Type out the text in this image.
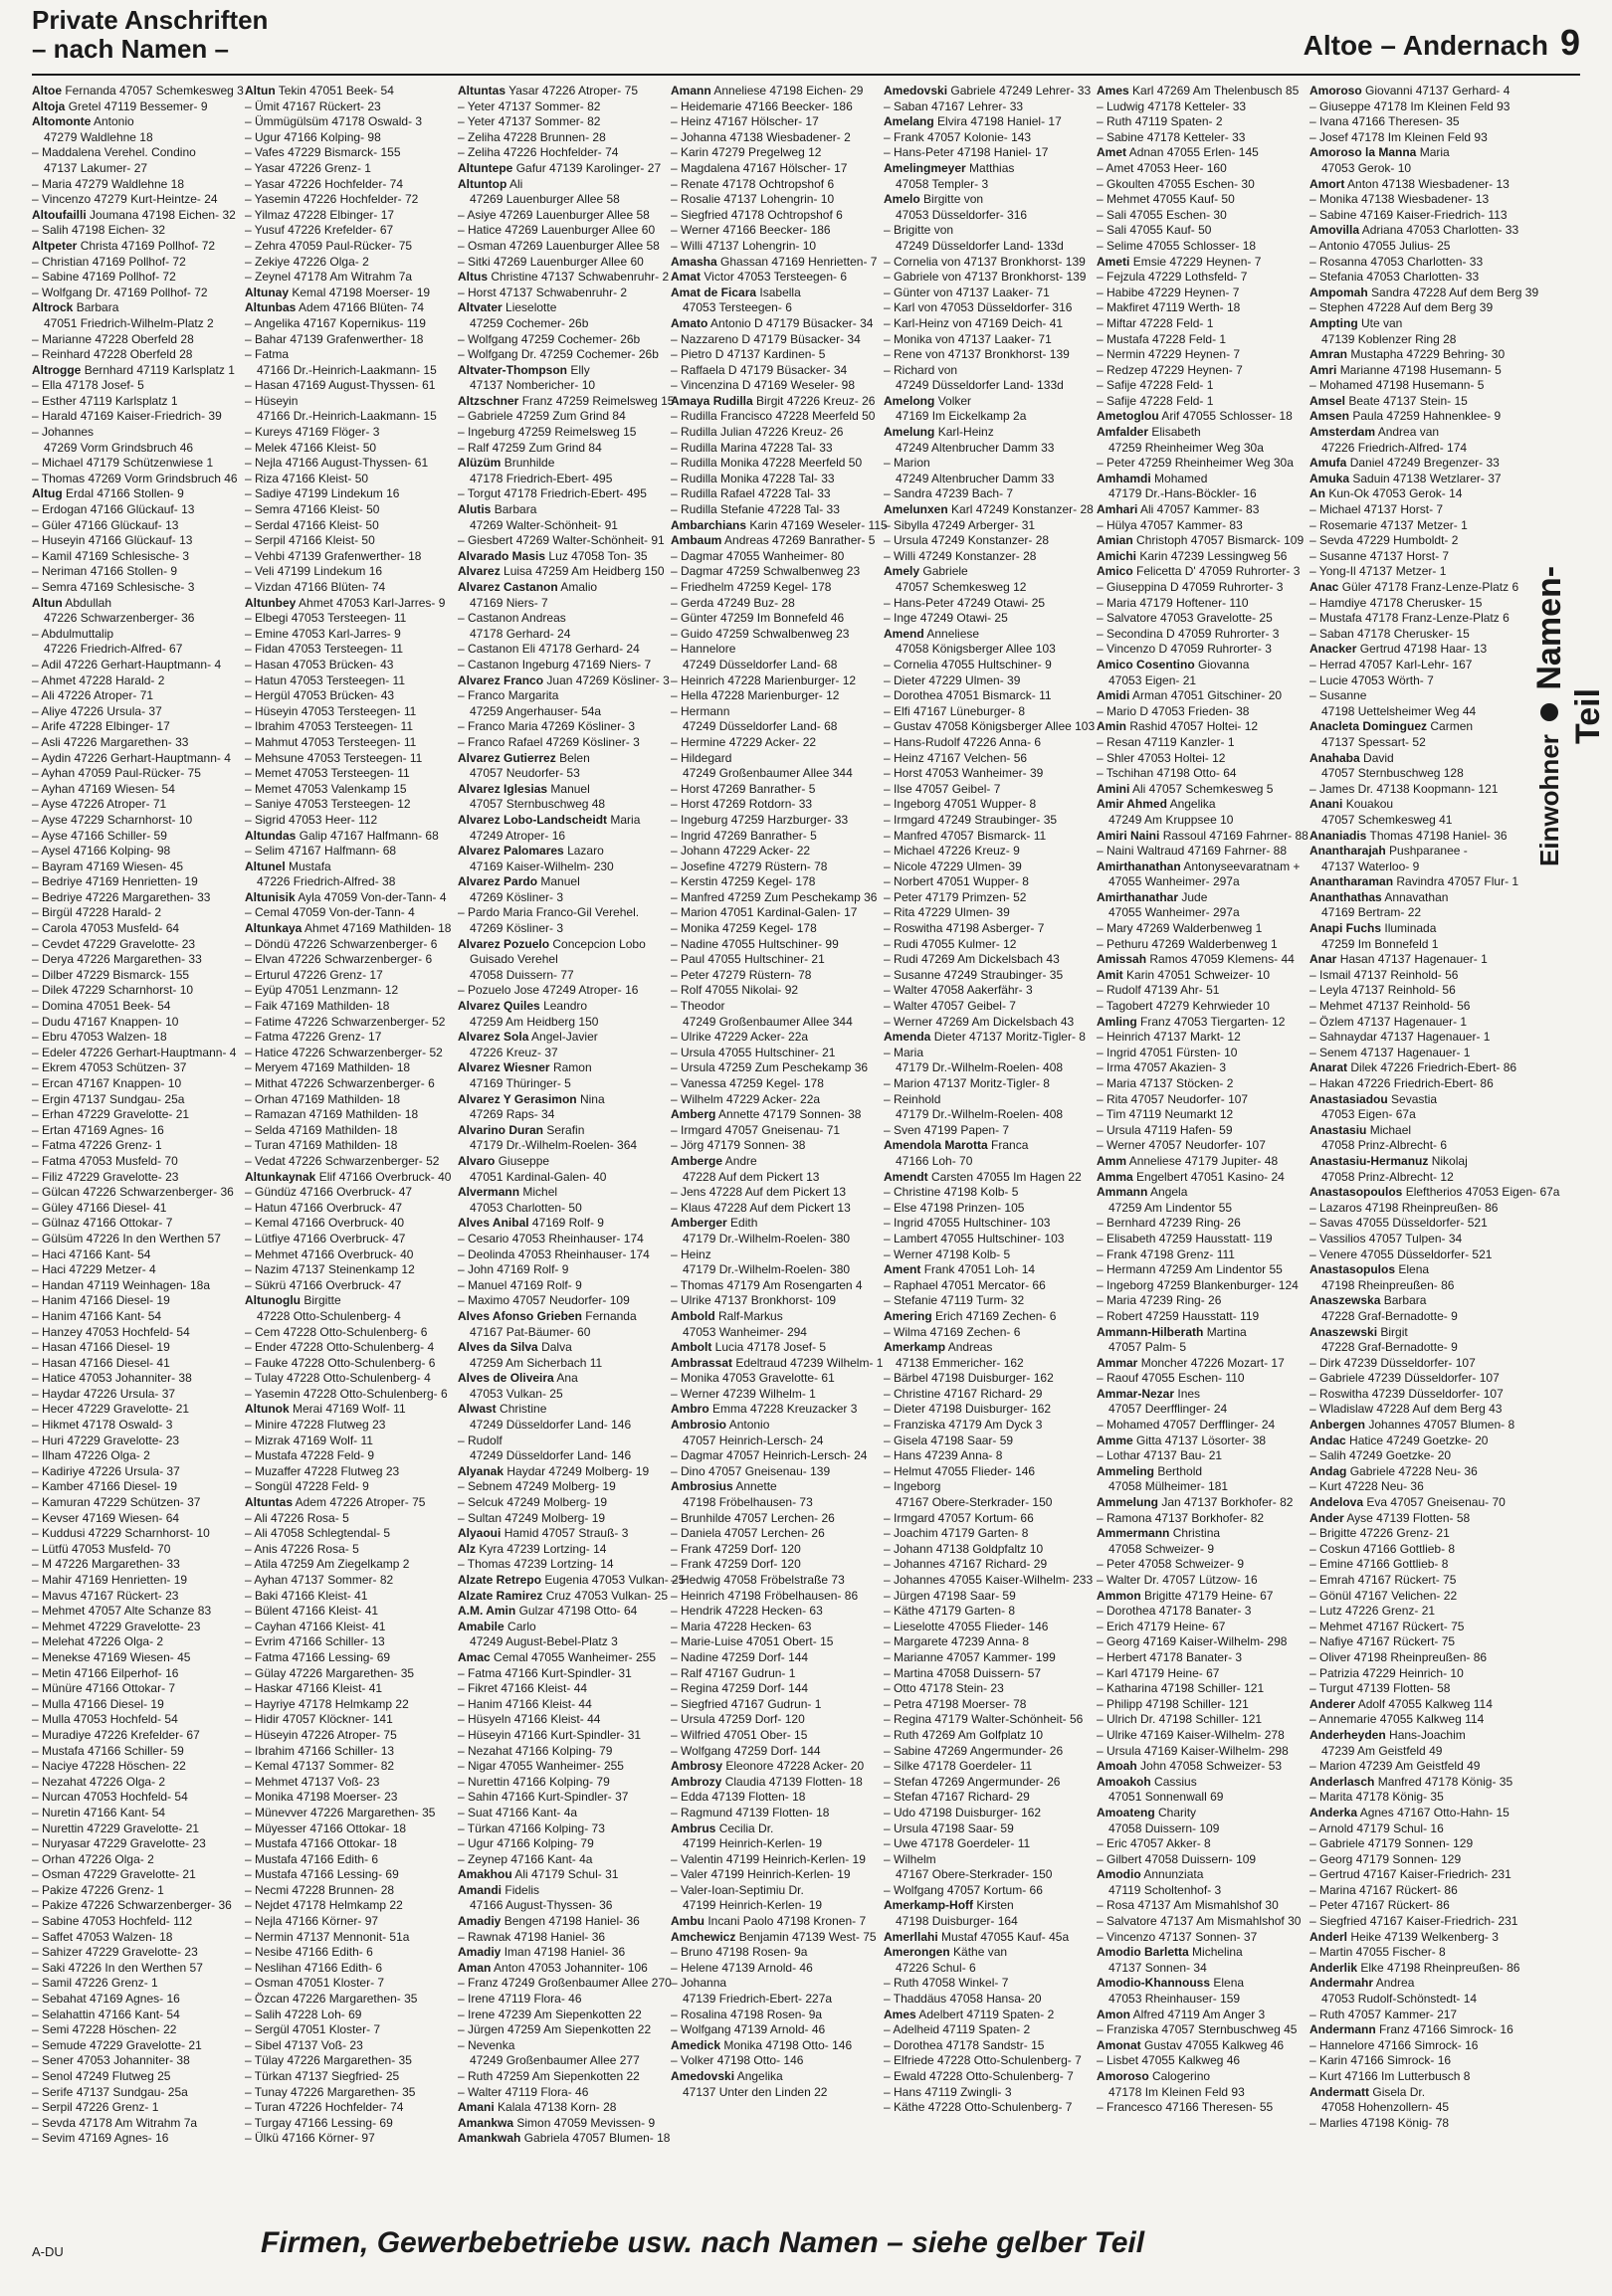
Private Anschriften
– nach Namen –	Altoe – Andernach 9
Altoe Fernanda 47057 Schemkesweg 3
Altoja Gretel 47119 Bessemer- 9
Altomonte Antonio
47279 Waldlehne 18
– Maddalena Verehel. Condino
47137 Lakumer- 27
– Maria 47279 Waldlehne 18
– Vincenzo 47279 Kurt-Heintze- 24
Altoufailli Joumana 47198 Eichen- 32
– Salih 47198 Eichen- 32
Altpeter Christa 47169 Pollhof- 72
– Christian 47169 Pollhof- 72
– Sabine 47169 Pollhof- 72
– Wolfgang Dr. 47169 Pollhof- 72
Altrock Barbara
47051 Friedrich-Wilhelm-Platz 2
– Marianne 47228 Oberfeld 28
– Reinhard 47228 Oberfeld 28
Altrogge Bernhard 47119 Karlsplatz 1
– Ella 47178 Josef- 5
– Esther 47119 Karlsplatz 1
– Harald 47169 Kaiser-Friedrich- 39
– Johannes
47269 Vorm Grindsbruch 46
– Michael 47179 Schützenwiese 1
– Thomas 47269 Vorm Grindsbruch 46
Altug Erdal 47166 Stollen- 9
– Erdogan 47166 Glückauf- 13
– Güler 47166 Glückauf- 13
– Huseyin 47166 Glückauf- 13
– Kamil 47169 Schlesische- 3
– Neriman 47166 Stollen- 9
– Semra 47169 Schlesische- 3
Altun Abdullah
47226 Schwarzenberger- 36
– Abdulmuttalip
47226 Friedrich-Alfred- 67
– Adil 47226 Gerhart-Hauptmann- 4
– Ahmet 47228 Harald- 2
– Ali 47226 Atroper- 71
– Aliye 47226 Ursula- 37
– Arife 47228 Elbinger- 17
– Asli 47226 Margarethen- 33
– Aydin 47226 Gerhart-Hauptmann- 4
– Ayhan 47059 Paul-Rücker- 75
– Ayhan 47169 Wiesen- 54
– Ayse 47226 Atroper- 71
– Ayse 47229 Scharnhorst- 10
– Ayse 47166 Schiller- 59
– Aysel 47166 Kolping- 98
– Bayram 47169 Wiesen- 45
– Bedriye 47169 Henrietten- 19
– Bedriye 47226 Margarethen- 33
– Birgül 47228 Harald- 2
– Carola 47053 Musfeld- 64
– Cevdet 47229 Gravelotte- 23
– Derya 47226 Margarethen- 33
– Dilber 47229 Bismarck- 155
– Dilek 47229 Scharnhorst- 10
– Domina 47051 Beek- 54
– Dudu 47167 Knappen- 10
– Ebru 47053 Walzen- 18
– Edeler 47226 Gerhart-Hauptmann- 4
– Ekrem 47053 Schützen- 37
– Ercan 47167 Knappen- 10
– Ergin 47137 Sundgau- 25a
– Erhan 47229 Gravelotte- 21
– Ertan 47169 Agnes- 16
– Fatma 47226 Grenz- 1
– Fatma 47053 Musfeld- 70
– Filiz 47229 Gravelotte- 23
– Gülcan 47226 Schwarzenberger- 36
– Güley 47166 Diesel- 41
– Gülnaz 47166 Ottokar- 7
– Gülsüm 47226 In den Werthen 57
– Haci 47166 Kant- 54
– Haci 47229 Metzer- 4
– Handan 47119 Weinhagen- 18a
– Hanim 47166 Diesel- 19
– Hanim 47166 Kant- 54
– Hanzey 47053 Hochfeld- 54
– Hasan 47166 Diesel- 19
– Hasan 47166 Diesel- 41
– Hatice 47053 Johanniter- 38
– Haydar 47226 Ursula- 37
– Hecer 47229 Gravelotte- 21
– Hikmet 47178 Oswald- 3
– Huri 47229 Gravelotte- 23
– Ilham 47226 Olga- 2
– Kadiriye 47226 Ursula- 37
– Kamber 47166 Diesel- 19
– Kamuran 47229 Schützen- 37
– Kevser 47169 Wiesen- 64
– Kuddusi 47229 Scharnhorst- 10
– Lütfü 47053 Musfeld- 70
– M 47226 Margarethen- 33
– Mahir 47169 Henrietten- 19
– Mavus 47167 Rückert- 23
– Mehmet 47057 Alte Schanze 83
– Mehmet 47229 Gravelotte- 23
– Melehat 47226 Olga- 2
– Menekse 47169 Wiesen- 45
– Metin 47166 Eilperhof- 16
– Münüre 47166 Ottokar- 7
– Mulla 47166 Diesel- 19
– Mulla 47053 Hochfeld- 54
– Muradiye 47226 Krefelder- 67
– Mustafa 47166 Schiller- 59
– Naciye 47228 Höschen- 22
– Nezahat 47226 Olga- 2
– Nurcan 47053 Hochfeld- 54
– Nuretin 47166 Kant- 54
– Nurettin 47229 Gravelotte- 21
– Nuryasar 47229 Gravelotte- 23
– Orhan 47226 Olga- 2
– Osman 47229 Gravelotte- 21
– Pakize 47226 Grenz- 1
– Pakize 47226 Schwarzenberger- 36
– Sabine 47053 Hochfeld- 112
– Saffet 47053 Walzen- 18
– Sahizer 47229 Gravelotte- 23
– Saki 47226 In den Werthen 57
– Samil 47226 Grenz- 1
– Sebahat 47169 Agnes- 16
– Selahattin 47166 Kant- 54
– Semi 47228 Höschen- 22
– Semude 47229 Gravelotte- 21
– Sener 47053 Johanniter- 38
– Senol 47249 Flutweg 25
– Serife 47137 Sundgau- 25a
– Serpil 47226 Grenz- 1
– Sevda 47178 Am Witrahm 7a
– Sevim 47169 Agnes- 16
Altun Tekin 47051 Beek- 54
– Ümit 47167 Rückert- 23
– Ümmügülsüm 47178 Oswald- 3
– Ugur 47166 Kolping- 98
– Vafes 47229 Bismarck- 155
– Yasar 47226 Grenz- 1
– Yasar 47226 Hochfelder- 74
– Yasemin 47226 Hochfelder- 72
– Yilmaz 47228 Elbinger- 17
– Yusuf 47226 Krefelder- 67
– Zehra 47059 Paul-Rücker- 75
– Zekiye 47226 Olga- 2
– Zeynel 47178 Am Witrahm 7a
Altunay Kemal 47198 Moerser- 19
Altunbas Adem 47166 Blüten- 74
– Angelika 47167 Kopernikus- 119
– Bahar 47139 Grafenwerther- 18
– Fatma
47166 Dr.-Heinrich-Laakmann- 15
– Hasan 47169 August-Thyssen- 61
– Hüseyin
47166 Dr.-Heinrich-Laakmann- 15
– Kureys 47169 Flöger- 3
– Melek 47166 Kleist- 50
– Nejla 47166 August-Thyssen- 61
– Riza 47166 Kleist- 50
– Sadiye 47199 Lindekum 16
– Semra 47166 Kleist- 50
– Serdal 47166 Kleist- 50
– Serpil 47166 Kleist- 50
– Vehbi 47139 Grafenwerther- 18
– Veli 47199 Lindekum 16
– Vizdan 47166 Blüten- 74
Altunbey Ahmet 47053 Karl-Jarres- 9
– Elbegi 47053 Tersteegen- 11
– Emine 47053 Karl-Jarres- 9
– Fidan 47053 Tersteegen- 11
– Hasan 47053 Brücken- 43
– Hatun 47053 Tersteegen- 11
– Hergül 47053 Brücken- 43
– Hüseyin 47053 Tersteegen- 11
– Ibrahim 47053 Tersteegen- 11
– Mahmut 47053 Tersteegen- 11
– Mehsune 47053 Tersteegen- 11
– Memet 47053 Tersteegen- 11
– Memet 47053 Valenkamp 15
– Saniye 47053 Tersteegen- 12
– Sigrid 47053 Heer- 112
Altundas Galip 47167 Halfmann- 68
– Selim 47167 Halfmann- 68
Altunel Mustafa
47226 Friedrich-Alfred- 38
Altunisik Ayla 47059 Von-der-Tann- 4
– Cemal 47059 Von-der-Tann- 4
Altunkaya Ahmet 47169 Mathilden- 18
– Döndü 47226 Schwarzenberger- 6
– Elvan 47226 Schwarzenberger- 6
– Erturul 47226 Grenz- 17
– Eyüp 47051 Lenzmann- 12
– Faik 47169 Mathilden- 18
– Fatime 47226 Schwarzenberger- 52
– Fatma 47226 Grenz- 17
– Hatice 47226 Schwarzenberger- 52
– Meryem 47169 Mathilden- 18
– Mithat 47226 Schwarzenberger- 6
– Orhan 47169 Mathilden- 18
– Ramazan 47169 Mathilden- 18
– Selda 47169 Mathilden- 18
– Turan 47169 Mathilden- 18
– Vedat 47226 Schwarzenberger- 52
Altunkaynak Elif 47166 Overbruck- 40
– Gündüz 47166 Overbruck- 47
– Hatun 47166 Overbruck- 47
– Kemal 47166 Overbruck- 40
– Lütfiye 47166 Overbruck- 47
– Mehmet 47166 Overbruck- 40
– Nazim 47137 Steinenkamp 12
– Sükrü 47166 Overbruck- 47
Altunoglu Birgitte
47228 Otto-Schulenberg- 4
– Cem 47228 Otto-Schulenberg- 6
– Ender 47228 Otto-Schulenberg- 4
– Fauke 47228 Otto-Schulenberg- 6
– Tulay 47228 Otto-Schulenberg- 4
– Yasemin 47228 Otto-Schulenberg- 6
Altunok Merai 47169 Wolf- 11
– Minire 47228 Flutweg 23
– Mizrak 47169 Wolf- 11
– Mustafa 47228 Feld- 9
– Muzaffer 47228 Flutweg 23
– Songül 47228 Feld- 9
Altuntas Adem 47226 Atroper- 75
– Ali 47226 Rosa- 5
– Ali 47058 Schlegtendal- 5
– Anis 47226 Rosa- 5
– Atila 47259 Am Ziegelkamp 2
– Ayhan 47137 Sommer- 82
– Baki 47166 Kleist- 41
– Bülent 47166 Kleist- 41
– Cayhan 47166 Kleist- 41
– Evrim 47166 Schiller- 13
– Fatma 47166 Lessing- 69
– Gülay 47226 Margarethen- 35
– Haskar 47166 Kleist- 41
– Hayriye 47178 Helmkamp 22
– Hidir 47057 Klöckner- 141
– Hüseyin 47226 Atroper- 75
– Ibrahim 47166 Schiller- 13
– Kemal 47137 Sommer- 82
– Mehmet 47137 Voß- 23
– Monika 47198 Moerser- 23
– Münevver 47226 Margarethen- 35
– Müyesser 47166 Ottokar- 18
– Mustafa 47166 Ottokar- 18
– Mustafa 47166 Edith- 6
– Mustafa 47166 Lessing- 69
– Necmi 47228 Brunnen- 28
– Nejdet 47178 Helmkamp 22
– Nejla 47166 Körner- 97
– Nermin 47137 Mennonit- 51a
– Nesibe 47166 Edith- 6
– Neslihan 47166 Edith- 6
– Osman 47051 Kloster- 7
– Özcan 47226 Margarethen- 35
– Salih 47228 Loh- 69
– Sergül 47051 Kloster- 7
– Sibel 47137 Voß- 23
– Tülay 47226 Margarethen- 35
– Türkan 47137 Siegfried- 25
– Tunay 47226 Margarethen- 35
– Turan 47226 Hochfelder- 74
– Turgay 47166 Lessing- 69
– Ülkü 47166 Körner- 97
Altuntas Yasar 47226 Atroper- 75
– Yeter 47137 Sommer- 82
– Yeter 47137 Sommer- 82
– Zeliha 47228 Brunnen- 28
– Zeliha 47226 Hochfelder- 74
Altuntepe Gafur 47139 Karolinger- 27
Altuntop Ali
47269 Lauenburger Allee 58
– Asiye 47269 Lauenburger Allee 58
– Hatice 47269 Lauenburger Allee 60
– Osman 47269 Lauenburger Allee 58
– Sitki 47269 Lauenburger Allee 60
Altus Christine 47137 Schwabenruhr- 2
– Horst 47137 Schwabenruhr- 2
Altvater Lieselotte
47259 Cochemer- 26b
– Wolfgang 47259 Cochemer- 26b
– Wolfgang Dr. 47259 Cochemer- 26b
Altvater-Thompson Elly
47137 Nombericher- 10
Altzschner Franz 47259 Reimelsweg 15
– Gabriele 47259 Zum Grind 84
– Ingeburg 47259 Reimelsweg 15
– Ralf 47259 Zum Grind 84
Alüzüm Brunhilde
47178 Friedrich-Ebert- 495
– Torgut 47178 Friedrich-Ebert- 495
Alutis Barbara
47269 Walter-Schönheit- 91
– Giesbert 47269 Walter-Schönheit- 91
Alvarado Masis Luz 47058 Ton- 35
Alvarez Luisa 47259 Am Heidberg 150
Alvarez Castanon Amalio
47169 Niers- 7
– Castanon Andreas
47178 Gerhard- 24
– Castanon Eli 47178 Gerhard- 24
– Castanon Ingeburg 47169 Niers- 7
Alvarez Franco Juan 47269 Kösliner- 3
– Franco Margarita
47259 Angerhauser- 54a
– Franco Maria 47269 Kösliner- 3
– Franco Rafael 47269 Kösliner- 3
Alvarez Gutierrez Belen
47057 Neudorfer- 53
Alvarez Iglesias Manuel
47057 Sternbuschweg 48
Alvarez Lobo-Landscheidt Maria
47249 Atroper- 16
Alvarez Palomares Lazaro
47169 Kaiser-Wilhelm- 230
Alvarez Pardo Manuel
47269 Kösliner- 3
– Pardo Maria Franco-Gil Verehel.
47269 Kösliner- 3
Alvarez Pozuelo Concepcion Lobo
Guisado Verehel
47058 Duissern- 77
– Pozuelo Jose 47249 Atroper- 16
Alvarez Quiles Leandro
47259 Am Heidberg 150
Alvarez Sola Angel-Javier
47226 Kreuz- 37
Alvarez Wiesner Ramon
47169 Thüringer- 5
Alvarez Y Gerasimon Nina
47269 Raps- 34
Alvarino Duran Serafin
47179 Dr.-Wilhelm-Roelen- 364
Alvaro Giuseppe
47051 Kardinal-Galen- 40
Alvermann Michel
47053 Charlotten- 50
Alves Anibal 47169 Rolf- 9
– Cesario 47053 Rheinhauser- 174
– Deolinda 47053 Rheinhauser- 174
– John 47169 Rolf- 9
– Manuel 47169 Rolf- 9
– Maximo 47057 Neudorfer- 109
Alves Afonso Grieben Fernanda
47167 Pat-Bäumer- 60
Alves da Silva Dalva
47259 Am Sicherbach 11
Alves de Oliveira Ana
47053 Vulkan- 25
Alwast Christine
47249 Düsseldorfer Land- 146
– Rudolf
47249 Düsseldorfer Land- 146
Alyanak Haydar 47249 Molberg- 19
– Sebnem 47249 Molberg- 19
– Selcuk 47249 Molberg- 19
– Sultan 47249 Molberg- 19
Alyaoui Hamid 47057 Strauß- 3
Alz Kyra 47239 Lortzing- 14
– Thomas 47239 Lortzing- 14
Alzate Retrepo Eugenia 47053 Vulkan- 25
Alzate Ramirez Cruz 47053 Vulkan- 25
A.M. Amin Gulzar 47198 Otto- 64
Amabile Carlo
47249 August-Bebel-Platz 3
Amac Cemal 47055 Wanheimer- 255
– Fatma 47166 Kurt-Spindler- 31
– Fikret 47166 Kleist- 44
– Hanim 47166 Kleist- 44
– Hüsyeln 47166 Kleist- 44
– Hüseyin 47166 Kurt-Spindler- 31
– Nezahat 47166 Kolping- 79
– Nigar 47055 Wanheimer- 255
– Nurettin 47166 Kolping- 79
– Sahin 47166 Kurt-Spindler- 37
– Suat 47166 Kant- 4a
– Türkan 47166 Kolping- 73
– Ugur 47166 Kolping- 79
– Zeynep 47166 Kant- 4a
Amakhou Ali 47179 Schul- 31
Amandi Fidelis
47166 August-Thyssen- 36
Amadiy Bengen 47198 Haniel- 36
– Rawnak 47198 Haniel- 36
Amadiy Iman 47198 Haniel- 36
Aman Anton 47053 Johanniter- 106
– Franz 47249 Großenbaumer Allee 270
– Irene 47119 Flora- 46
– Irene 47239 Am Siepenkotten 22
– Jürgen 47259 Am Siepenkotten 22
– Nevenka
47249 Großenbaumer Allee 277
– Ruth 47259 Am Siepenkotten 22
– Walter 47119 Flora- 46
Amani Kalala 47138 Korn- 28
Amankwa Simon 47059 Mevissen- 9
Amankwah Gabriela 47057 Blumen- 18
Amann Anneliese 47198 Eichen- 29
– Heidemarie 47166 Beecker- 186
– Heinz 47167 Hölscher- 17
– Johanna 47138 Wiesbadener- 2
– Karin 47279 Pregelweg 12
– Magdalena 47167 Hölscher- 17
– Renate 47178 Ochtropshof 6
– Rosalie 47137 Lohengrin- 10
– Siegfried 47178 Ochtropshof 6
– Werner 47166 Beecker- 186
– Willi 47137 Lohengrin- 10
Amasha Ghassan 47169 Henrietten- 7
Amat Victor 47053 Tersteegen- 6
Amat de Ficara Isabella
47053 Tersteegen- 6
Amato Antonio D 47179 Büsacker- 34
– Nazzareno D 47179 Büsacker- 34
– Pietro D 47137 Kardinen- 5
– Raffaela D 47179 Büsacker- 34
– Vincenzina D 47169 Weseler- 98
Amaya Rudilla Birgit 47226 Kreuz- 26
– Rudilla Francisco 47228 Meerfeld 50
– Rudilla Julian 47226 Kreuz- 26
– Rudilla Marina 47228 Tal- 33
– Rudilla Monika 47228 Meerfeld 50
– Rudilla Monika 47228 Tal- 33
– Rudilla Rafael 47228 Tal- 33
– Rudilla Stefanie 47228 Tal- 33
Ambarchians Karin 47169 Weseler- 115
Ambaum Andreas 47269 Banrather- 5
– Dagmar 47055 Wanheimer- 80
– Dagmar 47259 Schwalbenweg 23
– Friedhelm 47259 Kegel- 178
– Gerda 47249 Buz- 28
– Günter 47259 Im Bonnefeld 46
– Guido 47259 Schwalbenweg 23
– Hannelore
47249 Düsseldorfer Land- 68
– Heinrich 47228 Marienburger- 12
– Hella 47228 Marienburger- 12
– Hermann
47249 Düsseldorfer Land- 68
– Hermine 47229 Acker- 22
– Hildegard
47249 Großenbaumer Allee 344
– Horst 47269 Banrather- 5
– Horst 47269 Rotdorn- 33
– Ingeburg 47259 Harzburger- 33
– Ingrid 47269 Banrather- 5
– Johann 47229 Acker- 22
– Josefine 47279 Rüstern- 78
– Kerstin 47259 Kegel- 178
– Manfred 47259 Zum Peschekamp 36
– Marion 47051 Kardinal-Galen- 17
– Monika 47259 Kegel- 178
– Nadine 47055 Hultschiner- 99
– Paul 47055 Hultschiner- 21
– Peter 47279 Rüstern- 78
– Rolf 47055 Nikolai- 92
– Theodor
47249 Großenbaumer Allee 344
– Ulrike 47229 Acker- 22a
– Ursula 47055 Hultschiner- 21
– Ursula 47259 Zum Peschekamp 36
– Vanessa 47259 Kegel- 178
– Wilhelm 47229 Acker- 22a
Amberg Annette 47179 Sonnen- 38
– Irmgard 47057 Gneisenau- 71
– Jörg 47179 Sonnen- 38
Amberge Andre
47228 Auf dem Pickert 13
– Jens 47228 Auf dem Pickert 13
– Klaus 47228 Auf dem Pickert 13
Amberger Edith
47179 Dr.-Wilhelm-Roelen- 380
– Heinz
47179 Dr.-Wilhelm-Roelen- 380
– Thomas 47179 Am Rosengarten 4
– Ulrike 47137 Bronkhorst- 109
Ambold Ralf-Markus
47053 Wanheimer- 294
Ambolt Lucia 47178 Josef- 5
Ambrassat Edeltraud 47239 Wilhelm- 1
– Monika 47053 Gravelotte- 61
– Werner 47239 Wilhelm- 1
Ambro Emma 47228 Kreuzacker 3
Ambrosio Antonio
47057 Heinrich-Lersch- 24
– Dagmar 47057 Heinrich-Lersch- 24
– Dino 47057 Gneisenau- 139
Ambrosius Annette
47198 Fröbelhausen- 73
– Brunhilde 47057 Lerchen- 26
– Daniela 47057 Lerchen- 26
– Frank 47259 Dorf- 120
– Frank 47259 Dorf- 120
– Hedwig 47058 Fröbelstraße 73
– Heinrich 47198 Fröbelhausen- 86
– Hendrik 47228 Hecken- 63
– Maria 47228 Hecken- 63
– Marie-Luise 47051 Obert- 15
– Nadine 47259 Dorf- 144
– Ralf 47167 Gudrun- 1
– Regina 47259 Dorf- 144
– Siegfried 47167 Gudrun- 1
– Ursula 47259 Dorf- 120
– Wilfried 47051 Ober- 15
– Wolfgang 47259 Dorf- 144
Ambrosy Eleonore 47228 Acker- 20
Ambrozy Claudia 47139 Flotten- 18
– Edda 47139 Flotten- 18
– Ragmund 47139 Flotten- 18
Ambrus Cecilia Dr.
47199 Heinrich-Kerlen- 19
– Valentin 47199 Heinrich-Kerlen- 19
– Valer 47199 Heinrich-Kerlen- 19
– Valer-Ioan-Septimiu Dr.
47199 Heinrich-Kerlen- 19
Ambu Incani Paolo 47198 Kronen- 7
Amchewicz Benjamin 47139 West- 75
– Bruno 47198 Rosen- 9a
– Helene 47139 Arnold- 46
– Johanna
47139 Friedrich-Ebert- 227a
– Rosalina 47198 Rosen- 9a
– Wolfgang 47139 Arnold- 46
Amedick Monika 47198 Otto- 146
– Volker 47198 Otto- 146
Amedovski Angelika
47137 Unter den Linden 22
Amedovski Gabriele 47249 Lehrer- 33
– Saban 47167 Lehrer- 33
Amelang Elvira 47198 Haniel- 17
– Frank 47057 Kolonie- 143
– Hans-Peter 47198 Haniel- 17
Amelingmeyer Matthias
47058 Templer- 3
Amelo Birgitte von
47053 Düsseldorfer- 316
– Brigitte von
47249 Düsseldorfer Land- 133d
– Cornelia von 47137 Bronkhorst- 139
– Gabriele von 47137 Bronkhorst- 139
– Günter von 47137 Laaker- 71
– Karl von 47053 Düsseldorfer- 316
– Karl-Heinz von 47169 Deich- 41
– Monika von 47137 Laaker- 71
– Rene von 47137 Bronkhorst- 139
– Richard von
47249 Düsseldorfer Land- 133d
Amelong Volker
47169 Im Eickelkamp 2a
Amelung Karl-Heinz
47249 Altenbrucher Damm 33
– Marion
47249 Altenbrucher Damm 33
– Sandra 47239 Bach- 7
Amelunxen Karl 47249 Konstanzer- 28
– Sibylla 47249 Arberger- 31
– Ursula 47249 Konstanzer- 28
– Willi 47249 Konstanzer- 28
Amely Gabriele
47057 Schemkesweg 12
– Hans-Peter 47249 Otawi- 25
– Inge 47249 Otawi- 25
Amend Anneliese
47058 Königsberger Allee 103
– Cornelia 47055 Hultschiner- 9
– Dieter 47229 Ulmen- 39
– Dorothea 47051 Bismarck- 11
– Elfi 47167 Lüneburger- 8
– Gustav 47058 Königsberger Allee 103
– Hans-Rudolf 47226 Anna- 6
– Heinz 47167 Velchen- 56
– Horst 47053 Wanheimer- 39
– Ilse 47057 Geibel- 7
– Ingeborg 47051 Wupper- 8
– Irmgard 47249 Straubinger- 35
– Manfred 47057 Bismarck- 11
– Michael 47226 Kreuz- 9
– Nicole 47229 Ulmen- 39
– Norbert 47051 Wupper- 8
– Peter 47179 Primzen- 52
– Rita 47229 Ulmen- 39
– Roswitha 47198 Asberger- 7
– Rudi 47055 Kulmer- 12
– Rudi 47269 Am Dickelsbach 43
– Susanne 47249 Straubinger- 35
– Walter 47058 Aakerfähr- 3
– Walter 47057 Geibel- 7
– Werner 47269 Am Dickelsbach 43
Amenda Dieter 47137 Moritz-Tigler- 8
– Maria
47179 Dr.-Wilhelm-Roelen- 408
– Marion 47137 Moritz-Tigler- 8
– Reinhold
47179 Dr.-Wilhelm-Roelen- 408
– Sven 47199 Papen- 7
Amendola Marotta Franca
47166 Loh- 70
Amendt Carsten 47055 Im Hagen 22
– Christine 47198 Kolb- 5
– Else 47198 Prinzen- 105
– Ingrid 47055 Hultschiner- 103
– Lambert 47055 Hultschiner- 103
– Werner 47198 Kolb- 5
Ament Frank 47051 Loh- 14
– Raphael 47051 Mercator- 66
– Stefanie 47119 Turm- 32
Amering Erich 47169 Zechen- 6
– Wilma 47169 Zechen- 6
Amerkamp Andreas
47138 Emmericher- 162
– Bärbel 47198 Duisburger- 162
– Christine 47167 Richard- 29
– Dieter 47198 Duisburger- 162
– Franziska 47179 Am Dyck 3
– Gisela 47198 Saar- 59
– Hans 47239 Anna- 8
– Helmut 47055 Flieder- 146
– Ingeborg
47167 Obere-Sterkrader- 150
– Irmgard 47057 Kortum- 66
– Joachim 47179 Garten- 8
– Johann 47138 Goldpfaltz 10
– Johannes 47167 Richard- 29
– Johannes 47055 Kaiser-Wilhelm- 233
– Jürgen 47198 Saar- 59
– Käthe 47179 Garten- 8
– Lieselotte 47055 Flieder- 146
– Margarete 47239 Anna- 8
– Marianne 47057 Kammer- 199
– Martina 47058 Duissern- 57
– Otto 47178 Stein- 23
– Petra 47198 Moerser- 78
– Regina 47179 Walter-Schönheit- 56
– Ruth 47269 Am Golfplatz 10
– Sabine 47269 Angermunder- 26
– Silke 47178 Goerdeler- 11
– Stefan 47269 Angermunder- 26
– Stefan 47167 Richard- 29
– Udo 47198 Duisburger- 162
– Ursula 47198 Saar- 59
– Uwe 47178 Goerdeler- 11
– Wilhelm
47167 Obere-Sterkrader- 150
– Wolfgang 47057 Kortum- 66
Amerkamp-Hoff Kirsten
47198 Duisburger- 164
Amerllahi Mustaf 47055 Kauf- 45a
Amerongen Käthe van
47226 Schul- 6
– Ruth 47058 Winkel- 7
– Thaddäus 47058 Hansa- 20
Ames Adelbert 47119 Spaten- 2
– Adelheid 47119 Spaten- 2
– Dorothea 47178 Sandstr- 15
– Elfriede 47228 Otto-Schulenberg- 7
– Ewald 47228 Otto-Schulenberg- 7
– Hans 47119 Zwingli- 3
– Käthe 47228 Otto-Schulenberg- 7
Ames Karl 47269 Am Thelenbusch 85
– Ludwig 47178 Ketteler- 33
– Ruth 47119 Spaten- 2
– Sabine 47178 Ketteler- 33
Amet Adnan 47055 Erlen- 145
– Amet 47053 Heer- 160
– Gkoulten 47055 Eschen- 30
– Mehmet 47055 Kauf- 50
– Sali 47055 Eschen- 30
– Sali 47055 Kauf- 50
– Selime 47055 Schlosser- 18
Ameti Emsie 47229 Heynen- 7
– Fejzula 47229 Lothsfeld- 7
– Habibe 47229 Heynen- 7
– Makfiret 47119 Werth- 18
– Miftar 47228 Feld- 1
– Mustafa 47228 Feld- 1
– Nermin 47229 Heynen- 7
– Redzep 47229 Heynen- 7
– Safije 47228 Feld- 1
– Safije 47228 Feld- 1
Ametoglou Arif 47055 Schlosser- 18
Amfalder Elisabeth
47259 Rheinheimer Weg 30a
– Peter 47259 Rheinheimer Weg 30a
Amhamdi Mohamed
47179 Dr.-Hans-Böckler- 16
Amhari Ali 47057 Kammer- 83
– Hülya 47057 Kammer- 83
Amian Christoph 47057 Bismarck- 109
Amichi Karin 47239 Lessingweg 56
Amico Felicetta D' 47059 Ruhrorter- 3
– Giuseppina D 47059 Ruhrorter- 3
– Maria 47179 Hoftener- 110
– Salvatore 47053 Gravelotte- 25
– Secondina D 47059 Ruhrorter- 3
– Vincenzo D 47059 Ruhrorter- 3
Amico Cosentino Giovanna
47053 Eigen- 21
Amidi Arman 47051 Gitschiner- 20
– Mario D 47053 Frieden- 38
Amin Rashid 47057 Holtei- 12
– Resan 47119 Kanzler- 1
– Shler 47053 Holtei- 12
– Tschihan 47198 Otto- 64
Amini Ali 47057 Schemkesweg 5
Amir Ahmed Angelika
47249 Am Kruppsee 10
Amiri Naini Rassoul 47169 Fahrner- 88
– Naini Waltraud 47169 Fahrner- 88
Amirthanathan Antonyseevaratnam +
47055 Wanheimer- 297a
Amirthanathar Jude
47055 Wanheimer- 297a
– Mary 47269 Walderbenweg 1
– Pethuru 47269 Walderbenweg 1
Amissah Ramos 47059 Klemens- 44
Amit Karin 47051 Schweizer- 10
– Rudolf 47139 Ahr- 51
– Tagobert 47279 Kehrwieder 10
Amling Franz 47053 Tiergarten- 12
– Heinrich 47137 Markt- 12
– Ingrid 47051 Fürsten- 10
– Irma 47057 Akazien- 3
– Maria 47137 Stöcken- 2
– Rita 47057 Neudorfer- 107
– Tim 47119 Neumarkt 12
– Ursula 47119 Hafen- 59
– Werner 47057 Neudorfer- 107
Amm Anneliese 47179 Jupiter- 48
Amma Engelbert 47051 Kasino- 24
Ammann Angela
47259 Am Lindentor 55
– Bernhard 47239 Ring- 26
– Elisabeth 47259 Hausstatt- 119
– Frank 47198 Grenz- 111
– Hermann 47259 Am Lindentor 55
– Ingeborg 47259 Blankenburger- 124
– Maria 47239 Ring- 26
– Robert 47259 Hausstatt- 119
Ammann-Hilberath Martina
47057 Palm- 5
Ammar Moncher 47226 Mozart- 17
– Raouf 47055 Eschen- 110
Ammar-Nezar Ines
47057 Deerfflinger- 24
– Mohamed 47057 Derfflinger- 24
Amme Gitta 47137 Lösorter- 38
– Lothar 47137 Bau- 21
Ammeling Berthold
47058 Mülheimer- 181
Ammelung Jan 47137 Borkhofer- 82
– Ramona 47137 Borkhofer- 82
Ammermann Christina
47058 Schweizer- 9
– Peter 47058 Schweizer- 9
– Walter Dr. 47057 Lützow- 16
Ammon Brigitte 47179 Heine- 67
– Dorothea 47178 Banater- 3
– Erich 47179 Heine- 67
– Georg 47169 Kaiser-Wilhelm- 298
– Herbert 47178 Banater- 3
– Karl 47179 Heine- 67
– Katharina 47198 Schiller- 121
– Philipp 47198 Schiller- 121
– Ulrich Dr. 47198 Schiller- 121
– Ulrike 47169 Kaiser-Wilhelm- 278
– Ursula 47169 Kaiser-Wilhelm- 298
Amoah John 47058 Schweizer- 53
Amoakoh Cassius
47051 Sonnenwall 69
Amoateng Charity
47058 Duissern- 109
– Eric 47057 Akker- 8
– Gilbert 47058 Duissern- 109
Amodio Annunziata
47119 Scholtenhof- 3
– Rosa 47137 Am Mismahlshof 30
– Salvatore 47137 Am Mismahlshof 30
– Vincenzo 47137 Sonnen- 37
Amodio Barletta Michelina
47137 Sonnen- 34
Amodio-Khannouss Elena
47053 Rheinhauser- 159
Amon Alfred 47119 Am Anger 3
– Franziska 47057 Sternbuschweg 45
Amonat Gustav 47055 Kalkweg 46
– Lisbet 47055 Kalkweg 46
Amoroso Calogerino
47178 Im Kleinen Feld 93
– Francesco 47166 Theresen- 55
Amoroso Giovanni 47137 Gerhard- 4
– Giuseppe 47178 Im Kleinen Feld 93
– Ivana 47166 Theresen- 35
– Josef 47178 Im Kleinen Feld 93
Amoroso la Manna Maria
47053 Gerok- 10
Amort Anton 47138 Wiesbadener- 13
– Monika 47138 Wiesbadener- 13
– Sabine 47169 Kaiser-Friedrich- 113
Amovilla Adriana 47053 Charlotten- 33
– Antonio 47055 Julius- 25
– Rosanna 47053 Charlotten- 33
– Stefania 47053 Charlotten- 33
Ampomah Sandra 47228 Auf dem Berg 39
– Stephen 47228 Auf dem Berg 39
Ampting Ute van
47139 Koblenzer Ring 28
Amran Mustapha 47229 Behring- 30
Amri Marianne 47198 Husemann- 5
– Mohamed 47198 Husemann- 5
Amsel Beate 47137 Stein- 15
Amsen Paula 47259 Hahnenklee- 9
Amsterdam Andrea van
47226 Friedrich-Alfred- 174
Amufa Daniel 47249 Bregenzer- 33
Amuka Saduin 47138 Wetzlarer- 37
An Kun-Ok 47053 Gerok- 14
– Michael 47137 Horst- 7
– Rosemarie 47137 Metzer- 1
– Sevda 47229 Humboldt- 2
– Susanne 47137 Horst- 7
– Yong-Il 47137 Metzer- 1
Anac Güler 47178 Franz-Lenze-Platz 6
– Hamdiye 47178 Cherusker- 15
– Mustafa 47178 Franz-Lenze-Platz 6
– Saban 47178 Cherusker- 15
Anacker Gertrud 47198 Haar- 13
– Herrad 47057 Karl-Lehr- 167
– Lucie 47053 Wörth- 7
– Susanne
47198 Uettelsheimer Weg 44
Anacleta Dominguez Carmen
47137 Spessart- 52
Anahaba David
47057 Sternbuschweg 128
– James Dr. 47138 Koopmann- 121
Anani Kouakou
47057 Schemkesweg 41
Ananiadis Thomas 47198 Haniel- 36
Anantharajah Pushparanee -
47137 Waterloo- 9
Anantharaman Ravindra 47057 Flur- 1
Ananthathas Annavathan
47169 Bertram- 22
Anapi Fuchs Iluminada
47259 Im Bonnefeld 1
Anar Hasan 47137 Hagenauer- 1
– Ismail 47137 Reinhold- 56
– Leyla 47137 Reinhold- 56
– Mehmet 47137 Reinhold- 56
– Özlem 47137 Hagenauer- 1
– Sahnaydar 47137 Hagenauer- 1
– Senem 47137 Hagenauer- 1
Anarat Dilek 47226 Friedrich-Ebert- 86
– Hakan 47226 Friedrich-Ebert- 86
Anastasiadou Sevastia
47053 Eigen- 67a
Anastasiu Michael
47058 Prinz-Albrecht- 6
Anastasiu-Hermanuz Nikolaj
47058 Prinz-Albrecht- 12
Anastasopoulos Eleftherios 47053 Eigen- 67a
– Lazaros 47198 Rheinpreußen- 86
– Savas 47055 Düsseldorfer- 521
– Vassilios 47057 Tulpen- 34
– Venere 47055 Düsseldorfer- 521
Anastasopulos Elena
47198 Rheinpreußen- 86
Anaszewska Barbara
47228 Graf-Bernadotte- 9
Anaszewski Birgit
47228 Graf-Bernadotte- 9
– Dirk 47239 Düsseldorfer- 107
– Gabriele 47239 Düsseldorfer- 107
– Roswitha 47239 Düsseldorfer- 107
– Wladislaw 47228 Auf dem Berg 43
Anbergen Johannes 47057 Blumen- 8
Andac Hatice 47249 Goetzke- 20
– Salih 47249 Goetzke- 20
Andag Gabriele 47228 Neu- 36
– Kurt 47228 Neu- 36
Andelova Eva 47057 Gneisenau- 70
Ander Ayse 47139 Flotten- 58
– Brigitte 47226 Grenz- 21
– Coskun 47166 Gottlieb- 8
– Emine 47166 Gottlieb- 8
– Emrah 47167 Rückert- 75
– Gönül 47167 Velichen- 22
– Lutz 47226 Grenz- 21
– Mehmet 47167 Rückert- 75
– Nafiye 47167 Rückert- 75
– Oliver 47198 Rheinpreußen- 86
– Patrizia 47229 Heinrich- 10
– Turgut 47139 Flotten- 58
Anderer Adolf 47055 Kalkweg 114
– Annemarie 47055 Kalkweg 114
Anderheyden Hans-Joachim
47239 Am Geistfeld 49
– Marion 47239 Am Geistfeld 49
Anderlasch Manfred 47178 König- 35
– Marita 47178 König- 35
Anderka Agnes 47167 Otto-Hahn- 15
– Arnold 47179 Schul- 16
– Gabriele 47179 Sonnen- 129
– Georg 47179 Sonnen- 129
– Gertrud 47167 Kaiser-Friedrich- 231
– Marina 47167 Rückert- 86
– Peter 47167 Rückert- 86
– Siegfried 47167 Kaiser-Friedrich- 231
Anderl Heike 47139 Welkenberg- 3
– Martin 47055 Fischer- 8
Anderlik Elke 47198 Rheinpreußen- 86
Andermahr Andrea
47053 Rudolf-Schönstedt- 14
– Ruth 47057 Kammer- 217
Andermann Franz 47166 Simrock- 16
– Hannelore 47166 Simrock- 16
– Karin 47166 Simrock- 16
– Kurt 47166 Im Lutterbusch 8
Andermatt Gisela Dr.
47058 Hohenzollern- 45
– Marlies 47198 König- 78
Einwohner  Namen-Teil
A-DU	Firmen, Gewerbebetriebe usw. nach Namen – siehe gelber Teil
